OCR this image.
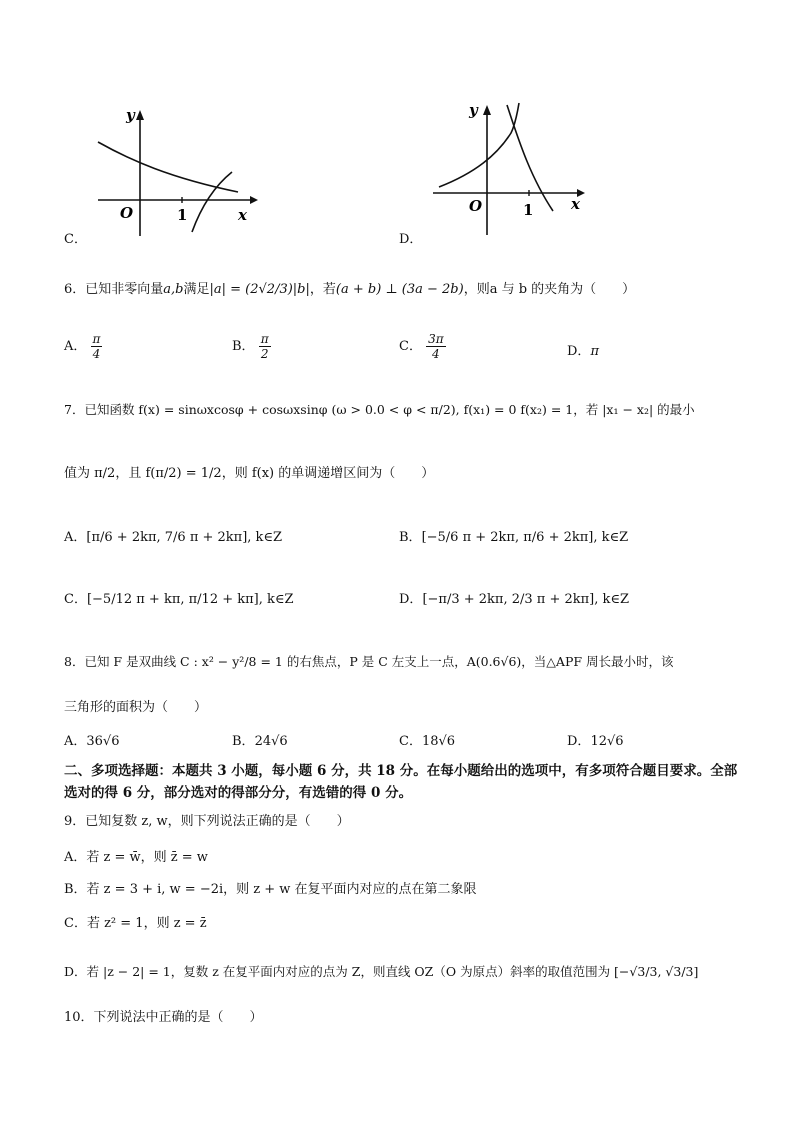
y
O	1	x
C．
y
O	1	x
D．
6．已知非零向量a,b满足|a| = (2√2/3)|b|，若(a + b) ⊥ (3a − 2b)，则a 与 b 的夹角为（　　）
A． $\frac{\pi}{4}$	B． $\frac{\pi}{2}$	C． $\frac{3\pi}{4}$	D．π
7．已知函数 f(x) = sinωxcosφ + cosωxsinφ (ω > 0.0 < φ < π/2), f(x₁) = 0 f(x₂) = 1，若 |x₁ − x₂| 的最小
值为 π/2，且 f(π/2) = 1/2，则 f(x) 的单调递增区间为（　　）
A．[π/6 + 2kπ, 7/6 π + 2kπ], k∈Z	B．[−5/6 π + 2kπ, π/6 + 2kπ], k∈Z
C．[−5/12 π + kπ, π/12 + kπ], k∈Z	D．[−π/3 + 2kπ, 2/3 π + 2kπ], k∈Z
8．已知 F 是双曲线 C : x² − y²/8 = 1 的右焦点，P 是 C 左支上一点，A(0.6√6)，当△APF 周长最小时，该
三角形的面积为（　　）
A．36√6	B．24√6	C．18√6	D．12√6
二、多项选择题：本题共 3 小题，每小题 6 分，共 18 分。在每小题给出的选项中，有多项符合题目要求。全部选对的得 6 分，部分选对的得部分分，有选错的得 0 分。
9．已知复数 z, w，则下列说法正确的是（　　）
A．若 z = w̄，则 z̄ = w
B．若 z = 3 + i, w = −2i，则 z + w 在复平面内对应的点在第二象限
C．若 z² = 1，则 z = z̄
D．若 |z − 2| = 1，复数 z 在复平面内对应的点为 Z，则直线 OZ（O 为原点）斜率的取值范围为 [−√3/3, √3/3]
10．下列说法中正确的是（　　）
